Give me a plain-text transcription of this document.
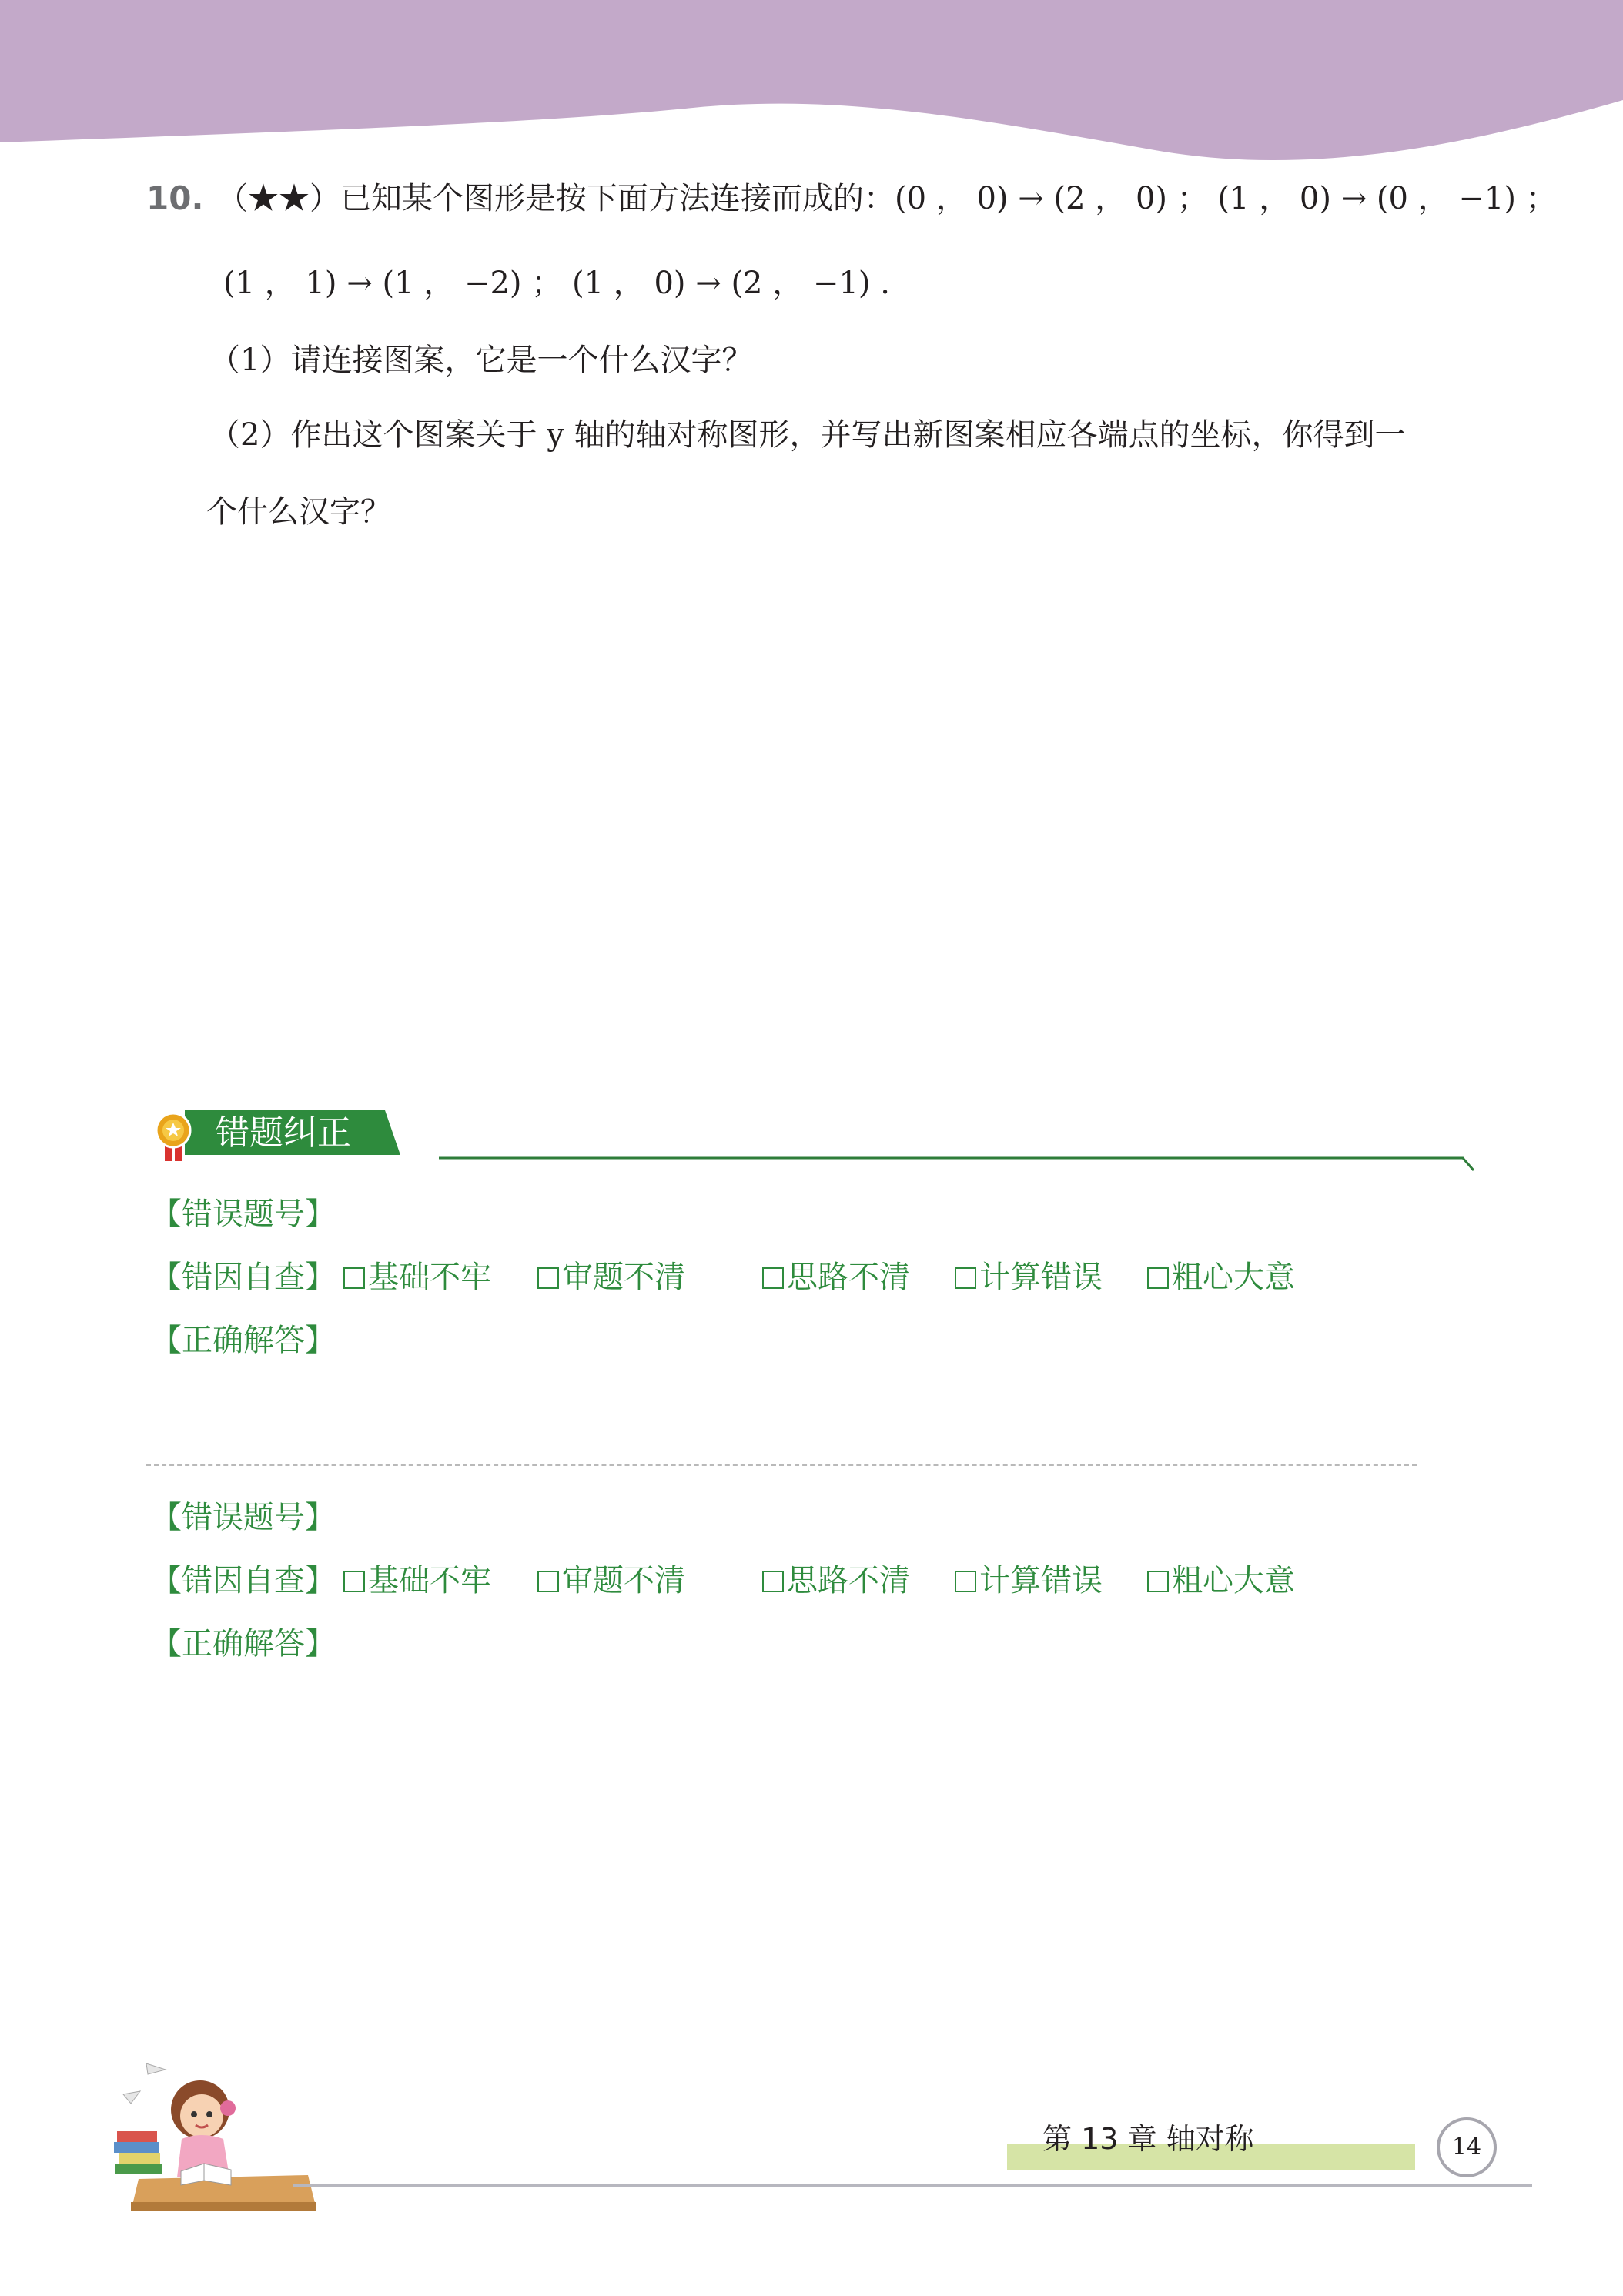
10. （★★）已知某个图形是按下面方法连接而成的：(0 ， 0) → (2 ， 0) ； (1 ， 0) → (0 ， −1) ；
(1 ， 1) → (1 ， −2) ； (1 ， 0) → (2 ， −1) .
（1）请连接图案，它是一个什么汉字？
（2）作出这个图案关于 y 轴的轴对称图形，并写出新图案相应各端点的坐标，你得到一
个什么汉字？
错题纠正
【错误题号】
【错因自查】	基础不牢	审题不清	思路不清	计算错误	粗心大意
【正确解答】
【错误题号】
【错因自查】	基础不牢	审题不清	思路不清	计算错误	粗心大意
【正确解答】
第 13 章 轴对称	14
